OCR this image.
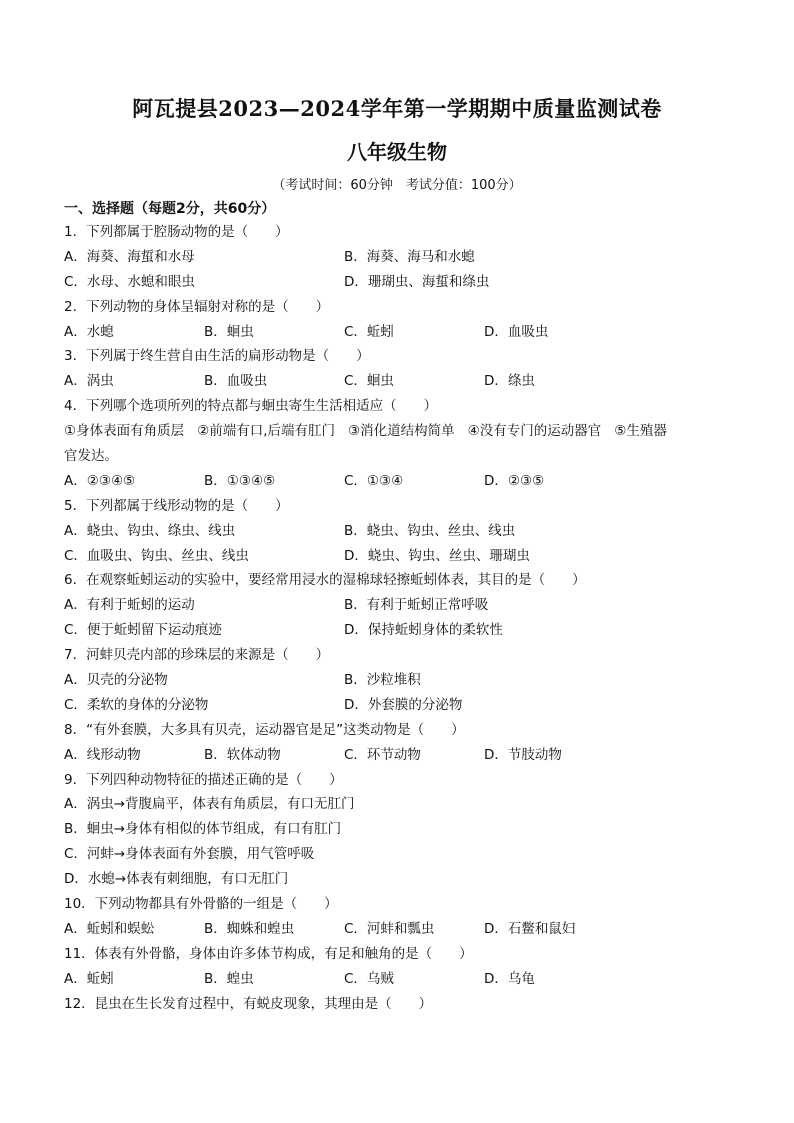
阿瓦提县2023—2024学年第一学期期中质量监测试卷
八年级生物
（考试时间：60分钟　考试分值：100分）
一、选择题（每题2分，共60分）
1．下列都属于腔肠动物的是（　　）
A．海葵、海蜇和水母	B．海葵、海马和水螅
C．水母、水螅和眼虫	D．珊瑚虫、海蜇和绦虫
2．下列动物的身体呈辐射对称的是（　　）
A．水螅	B．蛔虫	C．蚯蚓	D．血吸虫
3．下列属于终生营自由生活的扁形动物是（　　）
A．涡虫	B．血吸虫	C．蛔虫	D．绦虫
4．下列哪个选项所列的特点都与蛔虫寄生生活相适应（　　）
①身体表面有角质层 ②前端有口,后端有肛门 ③消化道结构简单 ④没有专门的运动器官 ⑤生殖器
官发达。
A．②③④⑤	B．①③④⑤	C．①③④	D．②③⑤
5．下列都属于线形动物的是（　　）
A．蛲虫、钩虫、绦虫、线虫	B．蛲虫、钩虫、丝虫、线虫
C．血吸虫、钩虫、丝虫、线虫	D．蛲虫、钩虫、丝虫、珊瑚虫
6．在观察蚯蚓运动的实验中，要经常用浸水的湿棉球轻擦蚯蚓体表，其目的是（　　）
A．有利于蚯蚓的运动	B．有利于蚯蚓正常呼吸
C．便于蚯蚓留下运动痕迹	D．保持蚯蚓身体的柔软性
7．河蚌贝壳内部的珍珠层的来源是（　　）
A．贝壳的分泌物	B．沙粒堆积
C．柔软的身体的分泌物	D．外套膜的分泌物
8．“有外套膜，大多具有贝壳，运动器官是足”这类动物是（　　）
A．线形动物	B．软体动物	C．环节动物	D．节肢动物
9．下列四种动物特征的描述正确的是（　　）
A．涡虫→背腹扁平，体表有角质层，有口无肛门
B．蛔虫→身体有相似的体节组成，有口有肛门
C．河蚌→身体表面有外套膜，用气管呼吸
D．水螅→体表有刺细胞，有口无肛门
10．下列动物都具有外骨骼的一组是（　　）
A．蚯蚓和蜈蚣	B．蜘蛛和蝗虫	C．河蚌和瓢虫	D．石鳖和鼠妇
11．体表有外骨骼，身体由许多体节构成，有足和触角的是（　　）
A．蚯蚓	B．蝗虫	C．乌贼	D．乌龟
12．昆虫在生长发育过程中，有蜕皮现象，其理由是（　　）
